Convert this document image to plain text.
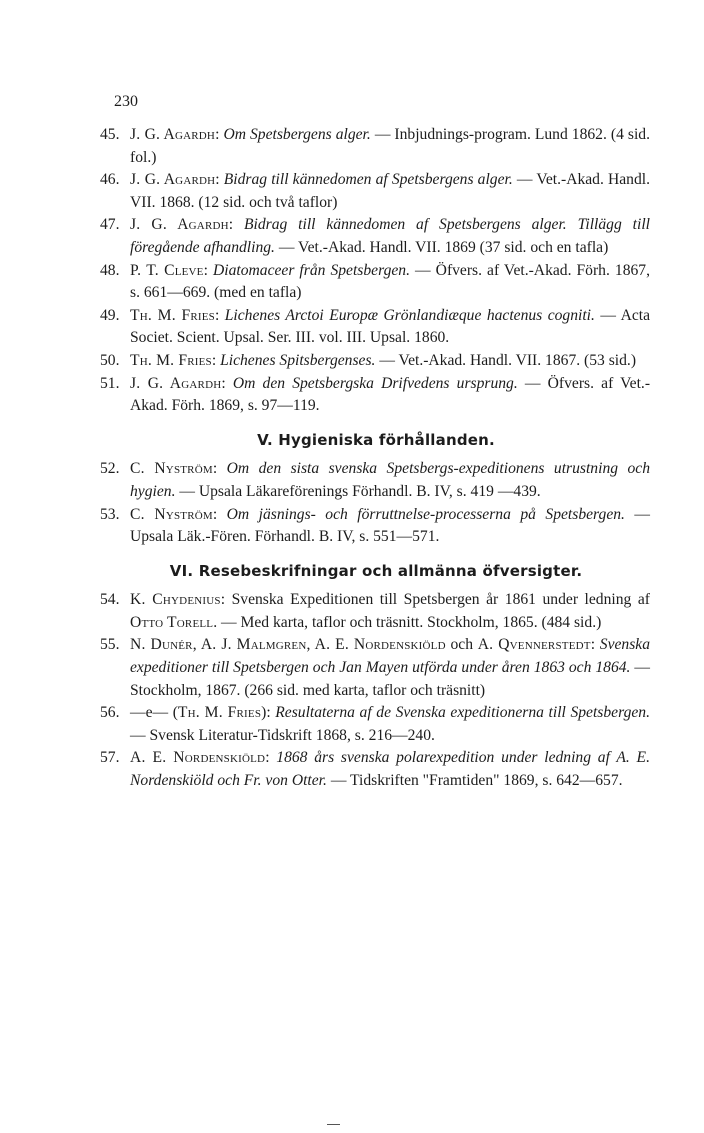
230
45. J. G. Agardh: Om Spetsbergens alger. — Inbjudnings-program. Lund 1862. (4 sid. fol.)
46. J. G. Agardh: Bidrag till kännedomen af Spetsbergens alger. — Vet.-Akad. Handl. VII. 1868. (12 sid. och två taflor)
47. J. G. Agardh: Bidrag till kännedomen af Spetsbergens alger. Tillägg till föregående afhandling. — Vet.-Akad. Handl. VII. 1869 (37 sid. och en tafla)
48. P. T. Cleve: Diatomaceer från Spetsbergen. — Öfvers. af Vet.-Akad. Förh. 1867, s. 661—669. (med en tafla)
49. Th. M. Fries: Lichenes Arctoi Europæ Grönlandiæque hactenus cogniti. — Acta Societ. Scient. Upsal. Ser. III. vol. III. Upsal. 1860.
50. Th. M. Fries: Lichenes Spitsbergenses. — Vet.-Akad. Handl. VII. 1867. (53 sid.)
51. J. G. Agardh: Om den Spetsbergska Drifvedens ursprung. — Öfvers. af Vet.-Akad. Förh. 1869, s. 97—119.
V. Hygieniska förhållanden.
52. C. Nyström: Om den sista svenska Spetsbergs-expeditionens utrustning och hygien. — Upsala Läkareförenings Förhandl. B. IV, s. 419 —439.
53. C. Nyström: Om jäsnings- och förruttnelse-processerna på Spetsbergen. — Upsala Läk.-Fören. Förhandl. B. IV, s. 551—571.
VI. Resebeskrifningar och allmänna öfversigter.
54. K. Chydenius: Svenska Expeditionen till Spetsbergen år 1861 under ledning af Otto Torell. — Med karta, taflor och träsnitt. Stockholm, 1865. (484 sid.)
55. N. Dunér, A. J. Malmgren, A. E. Nordenskiöld och A. Qvennerstedt: Svenska expeditioner till Spetsbergen och Jan Mayen utförda under åren 1863 och 1864. — Stockholm, 1867. (266 sid. med karta, taflor och träsnitt)
56. —e— (Th. M. Fries): Resultaterna af de Svenska expeditionerna till Spetsbergen. — Svensk Literatur-Tidskrift 1868, s. 216—240.
57. A. E. Nordenskiöld: 1868 års svenska polarexpedition under ledning af A. E. Nordenskiöld och Fr. von Otter. — Tidskriften "Framtiden" 1869, s. 642—657.
